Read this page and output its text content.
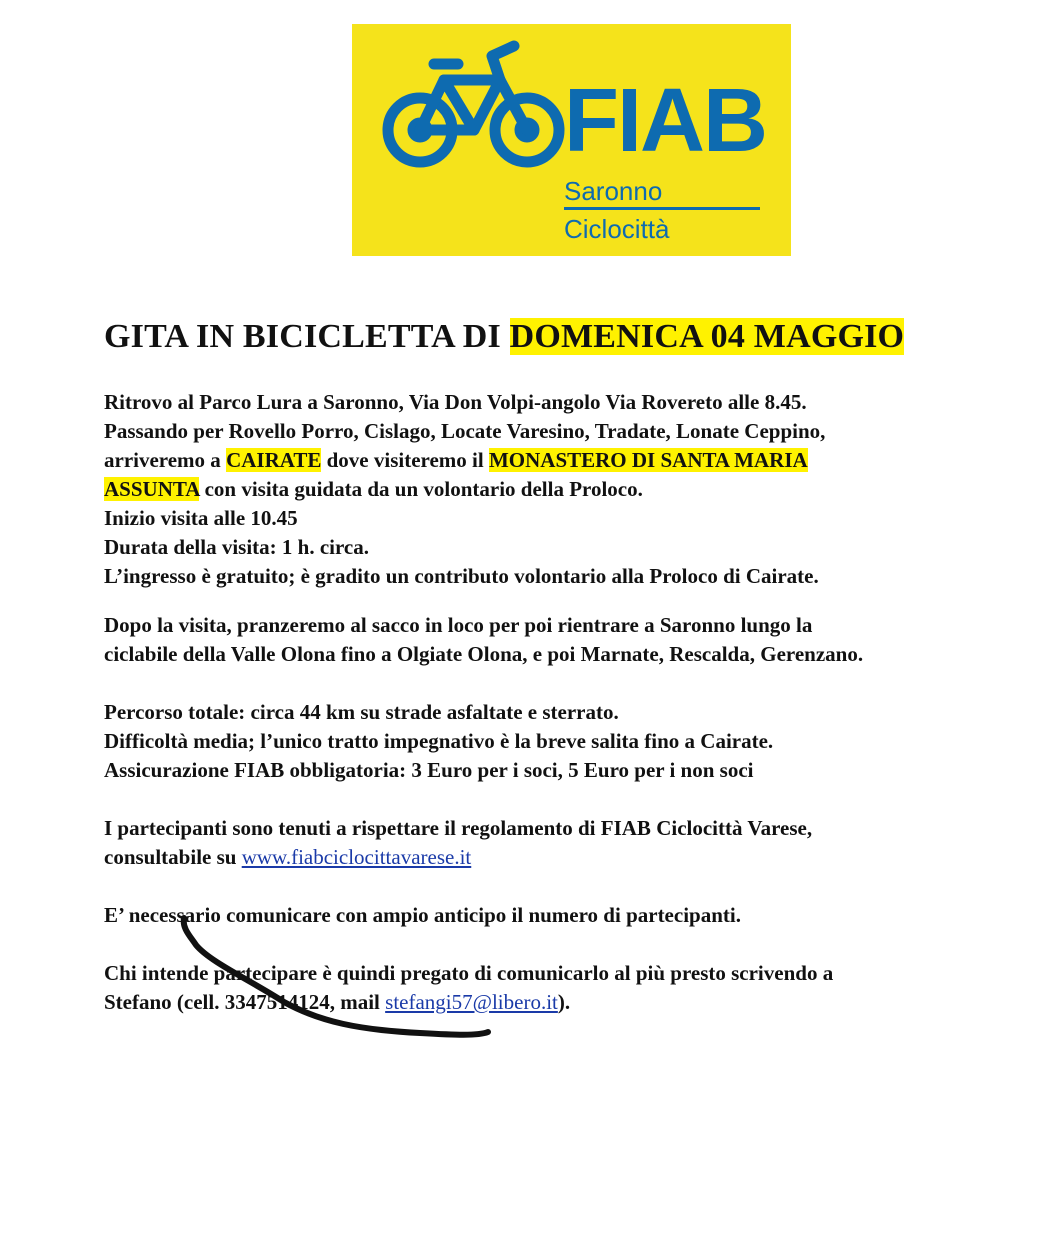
FIAB
Saronno
Ciclocittà
GITA IN BICICLETTA DI DOMENICA 04 MAGGIO

Ritrovo al Parco Lura a Saronno, Via Don Volpi-angolo Via Rovereto alle 8.45.

Passando per Rovello Porro, Cislago, Locate Varesino, Tradate, Lonate Ceppino,

arriveremo a CAIRATE dove visiteremo il MONASTERO DI SANTA MARIA

ASSUNTA con visita guidata da un volontario della Proloco.

Inizio visita alle 10.45

Durata della visita: 1 h. circa.

L’ingresso è gratuito; è gradito un contributo volontario alla Proloco di Cairate.

Dopo la visita, pranzeremo al sacco in loco per poi rientrare a Saronno lungo la

ciclabile della Valle Olona fino a Olgiate Olona, e poi Marnate, Rescalda, Gerenzano.

Percorso totale: circa 44 km su strade asfaltate e sterrato.

Difficoltà media; l’unico tratto impegnativo è la breve salita fino a Cairate.

Assicurazione FIAB obbligatoria: 3 Euro per i soci, 5 Euro per i non soci

I partecipanti sono tenuti a rispettare il regolamento di FIAB Ciclocittà Varese,

consultabile su www.fiabciclocittavarese.it

E’ necessario comunicare con ampio anticipo il numero di partecipanti.

Chi intende partecipare è quindi pregato di comunicarlo al più presto scrivendo a

Stefano (cell. 3347514124, mail stefangi57@libero.it).
